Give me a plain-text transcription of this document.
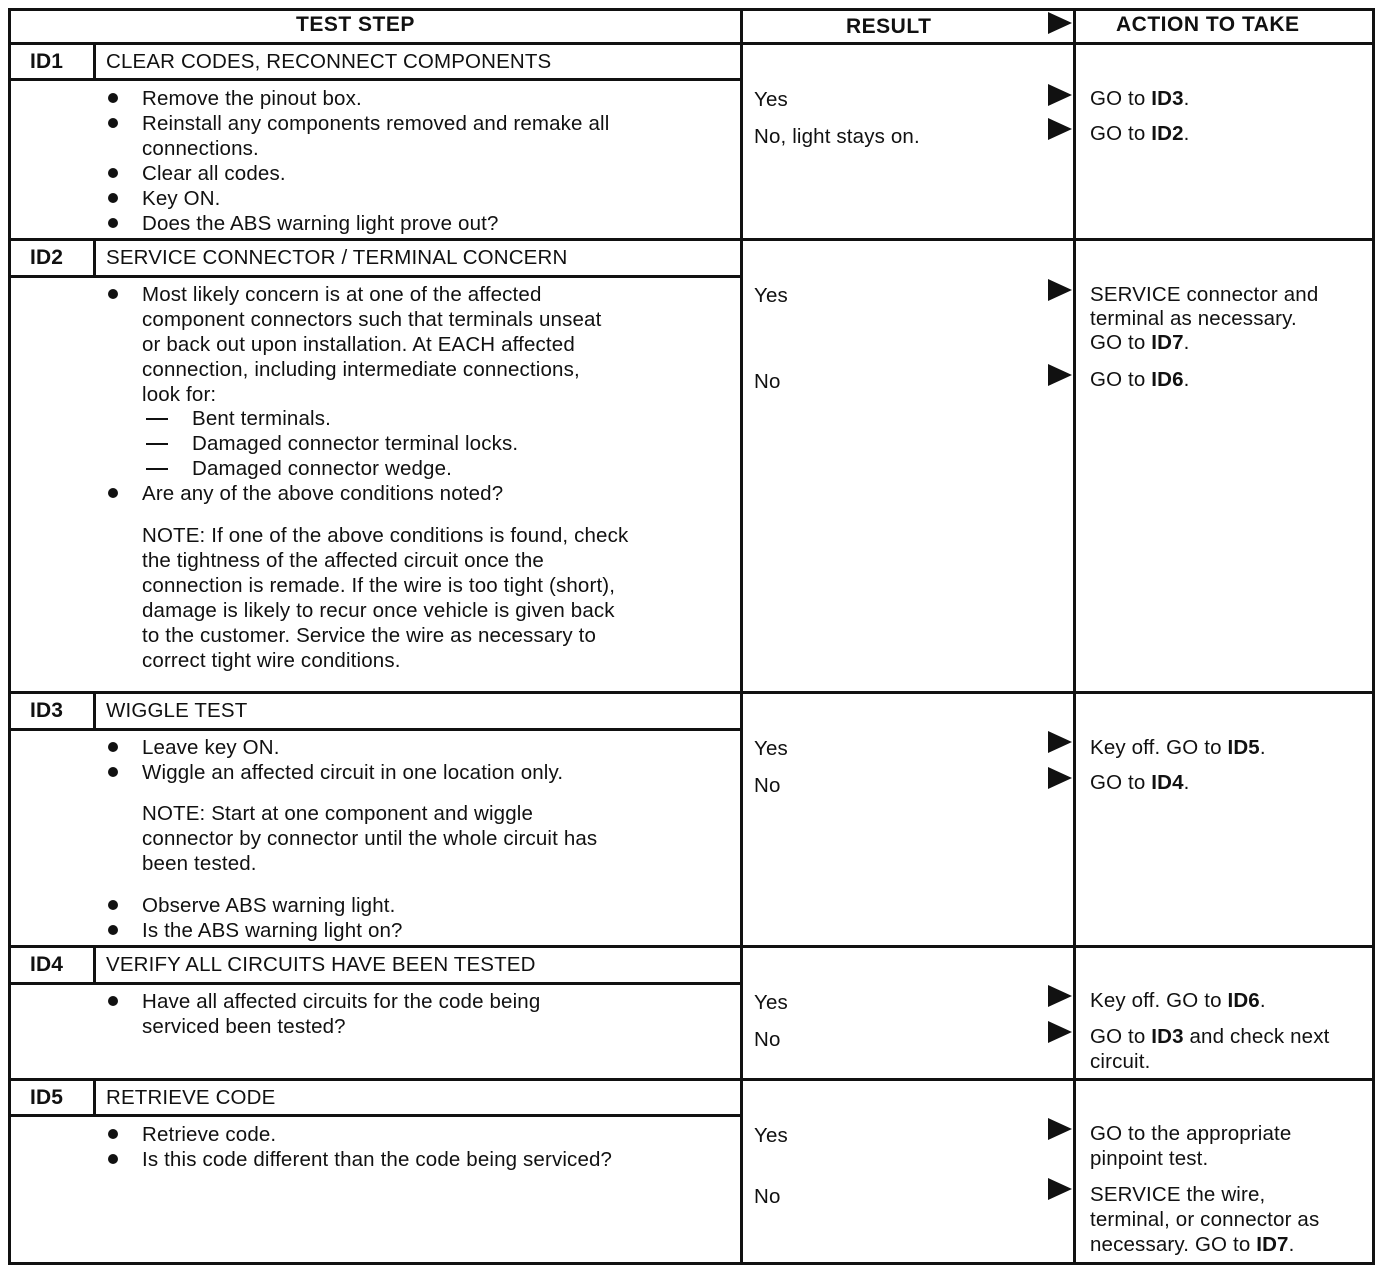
TEST STEP	RESULT	ACTION TO TAKE
ID1 CLEAR CODES, RECONNECT COMPONENTS
Remove the pinout box.
Reinstall any components removed and remake all
connections.
Clear all codes.
Key ON.
Does the ABS warning light prove out?
Yes
No, light stays on.
GO to ID3.
GO to ID2.
ID2 SERVICE CONNECTOR / TERMINAL CONCERN
Most likely concern is at one of the affected
component connectors such that terminals unseat
or back out upon installation. At EACH affected
connection, including intermediate connections,
look for:
Bent terminals.
Damaged connector terminal locks.
Damaged connector wedge.
Are any of the above conditions noted?
NOTE: If one of the above conditions is found, check
the tightness of the affected circuit once the
connection is remade. If the wire is too tight (short),
damage is likely to recur once vehicle is given back
to the customer. Service the wire as necessary to
correct tight wire conditions.
Yes
No
SERVICE connector and
terminal as necessary.
GO to ID7.
GO to ID6.
ID3 WIGGLE TEST
Leave key ON.
Wiggle an affected circuit in one location only.
NOTE: Start at one component and wiggle
connector by connector until the whole circuit has
been tested.
Observe ABS warning light.
Is the ABS warning light on?
Yes
No
Key off. GO to ID5.
GO to ID4.
ID4 VERIFY ALL CIRCUITS HAVE BEEN TESTED
Have all affected circuits for the code being
serviced been tested?
Yes
No
Key off. GO to ID6.
GO to ID3 and check next
circuit.
ID5 RETRIEVE CODE
Retrieve code.
Is this code different than the code being serviced?
Yes
No
GO to the appropriate
pinpoint test.
SERVICE the wire,
terminal, or connector as
necessary. GO to ID7.
